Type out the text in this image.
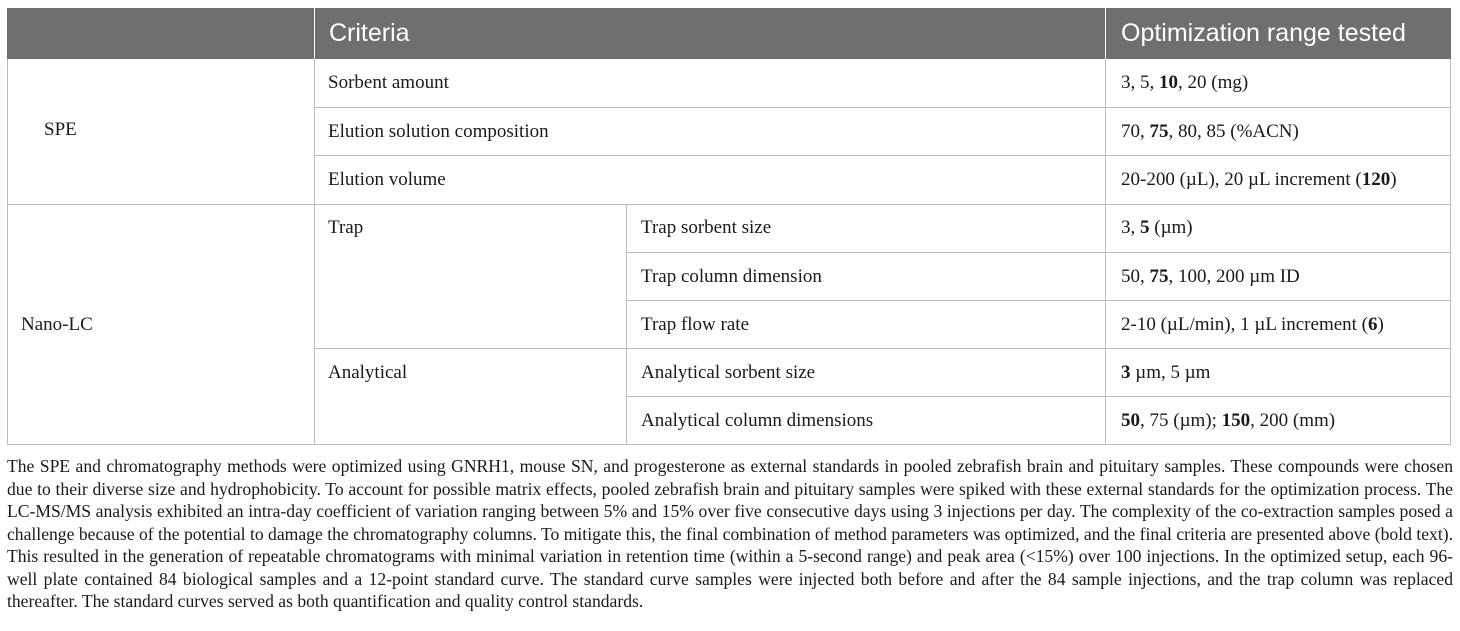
Criteria	Optimization range tested
SPE
Nano-LC
Trap
Analytical
Sorbent amount
Elution solution composition
Elution volume
Trap sorbent size
Trap column dimension
Trap flow rate
Analytical sorbent size
Analytical column dimensions
3, 5, 10, 20 (mg)
70, 75, 80, 85 (%ACN)
20-200 (µL), 20 µL increment (120)
3, 5 (µm)
50, 75, 100, 200 µm ID
2-10 (µL/min), 1 µL increment (6)
3 µm, 5 µm
50, 75 (µm); 150, 200 (mm)
The SPE and chromatography methods were optimized using GNRH1, mouse SN, and progesterone as external standards in pooled zebrafish brain and pituitary samples. These compounds were chosen due to their diverse size and hydrophobicity. To account for possible matrix effects, pooled zebrafish brain and pituitary samples were spiked with these external standards for the optimization process. The LC-MS/MS analysis exhibited an intra-day coefficient of variation ranging between 5% and 15% over five consecutive days using 3 injections per day. The complexity of the co-extraction samples posed a challenge because of the potential to damage the chromatography columns. To mitigate this, the final combination of method parameters was optimized, and the final criteria are presented above (bold text). This resulted in the generation of repeatable chromatograms with minimal variation in retention time (within a 5-second range) and peak area (<15%) over 100 injections. In the optimized setup, each 96-well plate contained 84 biological samples and a 12-point standard curve. The standard curve samples were injected both before and after the 84 sample injections, and the trap column was replaced thereafter. The standard curves served as both quantification and quality control standards.
